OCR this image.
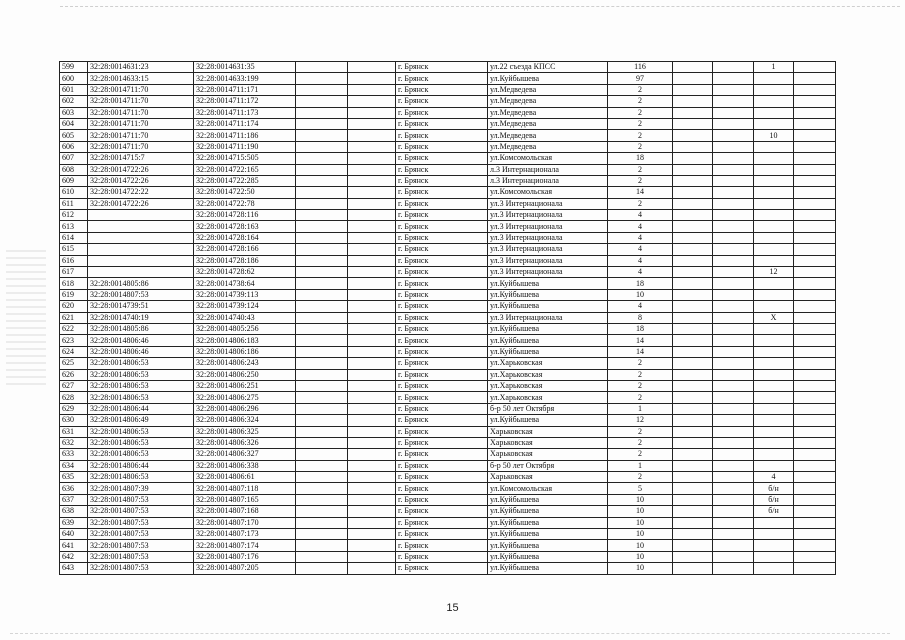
599	32:28:0014631:23	32:28:0014631:35			г. Брянск	ул.22 съезда КПСС	116			1	
600	32:28:0014633:15	32:28:0014633:199			г. Брянск	ул.Куйбышева	97				
601	32:28:0014711:70	32:28:0014711:171			г. Брянск	ул.Медведева	2				
602	32:28:0014711:70	32:28:0014711:172			г. Брянск	ул.Медведева	2				
603	32:28:0014711:70	32:28:0014711:173			г. Брянск	ул.Медведева	2				
604	32:28:0014711:70	32:28:0014711:174			г. Брянск	ул.Медведева	2				
605	32:28:0014711:70	32:28:0014711:186			г. Брянск	ул.Медведева	2			10	
606	32:28:0014711:70	32:28:0014711:190			г. Брянск	ул.Медведева	2				
607	32:28:0014715:7	32:28:0014715:505			г. Брянск	ул.Комсомольская	18				
608	32:28:0014722:26	32:28:0014722:165			г. Брянск	л.3 Интернационала	2				
609	32:28:0014722:26	32:28:0014722:285			г. Брянск	л.3 Интернационала	2				
610	32:28:0014722:22	32:28:0014722:50			г. Брянск	ул.Комсомольская	14				
611	32:28:0014722:26	32:28:0014722:78			г. Брянск	ул.3 Интернационала	2				
612		32:28:0014728:116			г. Брянск	ул.3 Интернационала	4				
613		32:28:0014728:163			г. Брянск	ул.3 Интернационала	4				
614		32:28:0014728:164			г. Брянск	ул.3 Интернационала	4				
615		32:28:0014728:166			г. Брянск	ул.3 Интернационала	4				
616		32:28:0014728:186			г. Брянск	ул.3 Интернационала	4				
617		32:28:0014728:62			г. Брянск	ул.3 Интернационала	4			12	
618	32:28:0014805:86	32:28:0014738:64			г. Брянск	ул.Куйбышева	18				
619	32:28:0014807:53	32:28:0014739:113			г. Брянск	ул.Куйбышева	10				
620	32:28:0014739:51	32:28:0014739:124			г. Брянск	ул.Куйбышева	4				
621	32:28:0014740:19	32:28:0014740:43			г. Брянск	ул.3 Интернационала	8			Х	
622	32:28:0014805:86	32:28:0014805:256			г. Брянск	ул.Куйбышева	18				
623	32:28:0014806:46	32:28:0014806:183			г. Брянск	ул.Куйбышева	14				
624	32:28:0014806:46	32:28:0014806:186			г. Брянск	ул.Куйбышева	14				
625	32:28:0014806:53	32:28:0014806:243			г. Брянск	ул.Харьковская	2				
626	32:28:0014806:53	32:28:0014806:250			г. Брянск	ул.Харьковская	2				
627	32:28:0014806:53	32:28:0014806:251			г. Брянск	ул.Харьковская	2				
628	32:28:0014806:53	32:28:0014806:275			г. Брянск	ул.Харьковская	2				
629	32:28:0014806:44	32:28:0014806:296			г. Брянск	б-р 50 лет Октября	1				
630	32:28:0014806:49	32:28:0014806:324			г. Брянск	ул.Куйбышева	12				
631	32:28:0014806:53	32:28:0014806:325			г. Брянск	Харьковская	2				
632	32:28:0014806:53	32:28:0014806:326			г. Брянск	Харьковская	2				
633	32:28:0014806:53	32:28:0014806:327			г. Брянск	Харьковская	2				
634	32:28:0014806:44	32:28:0014806:338			г. Брянск	б-р 50 лет Октября	1				
635	32:28:0014806:53	32:28:0014806:61			г. Брянск	Харьковская	2			4	
636	32:28:0014807:39	32:28:0014807:118			г. Брянск	ул.Комсомольская	5			б/н	
637	32:28:0014807:53	32:28:0014807:165			г. Брянск	ул.Куйбышева	10			б/н	
638	32:28:0014807:53	32:28:0014807:168			г. Брянск	ул.Куйбышева	10			б/н	
639	32:28:0014807:53	32:28:0014807:170			г. Брянск	ул.Куйбышева	10				
640	32:28:0014807:53	32:28:0014807:173			г. Брянск	ул.Куйбышева	10				
641	32:28:0014807:53	32:28:0014807:174			г. Брянск	ул.Куйбышева	10				
642	32:28:0014807:53	32:28:0014807:176			г. Брянск	ул.Куйбышева	10				
643	32:28:0014807:53	32:28:0014807:205			г. Брянск	ул.Куйбышева	10				
15
